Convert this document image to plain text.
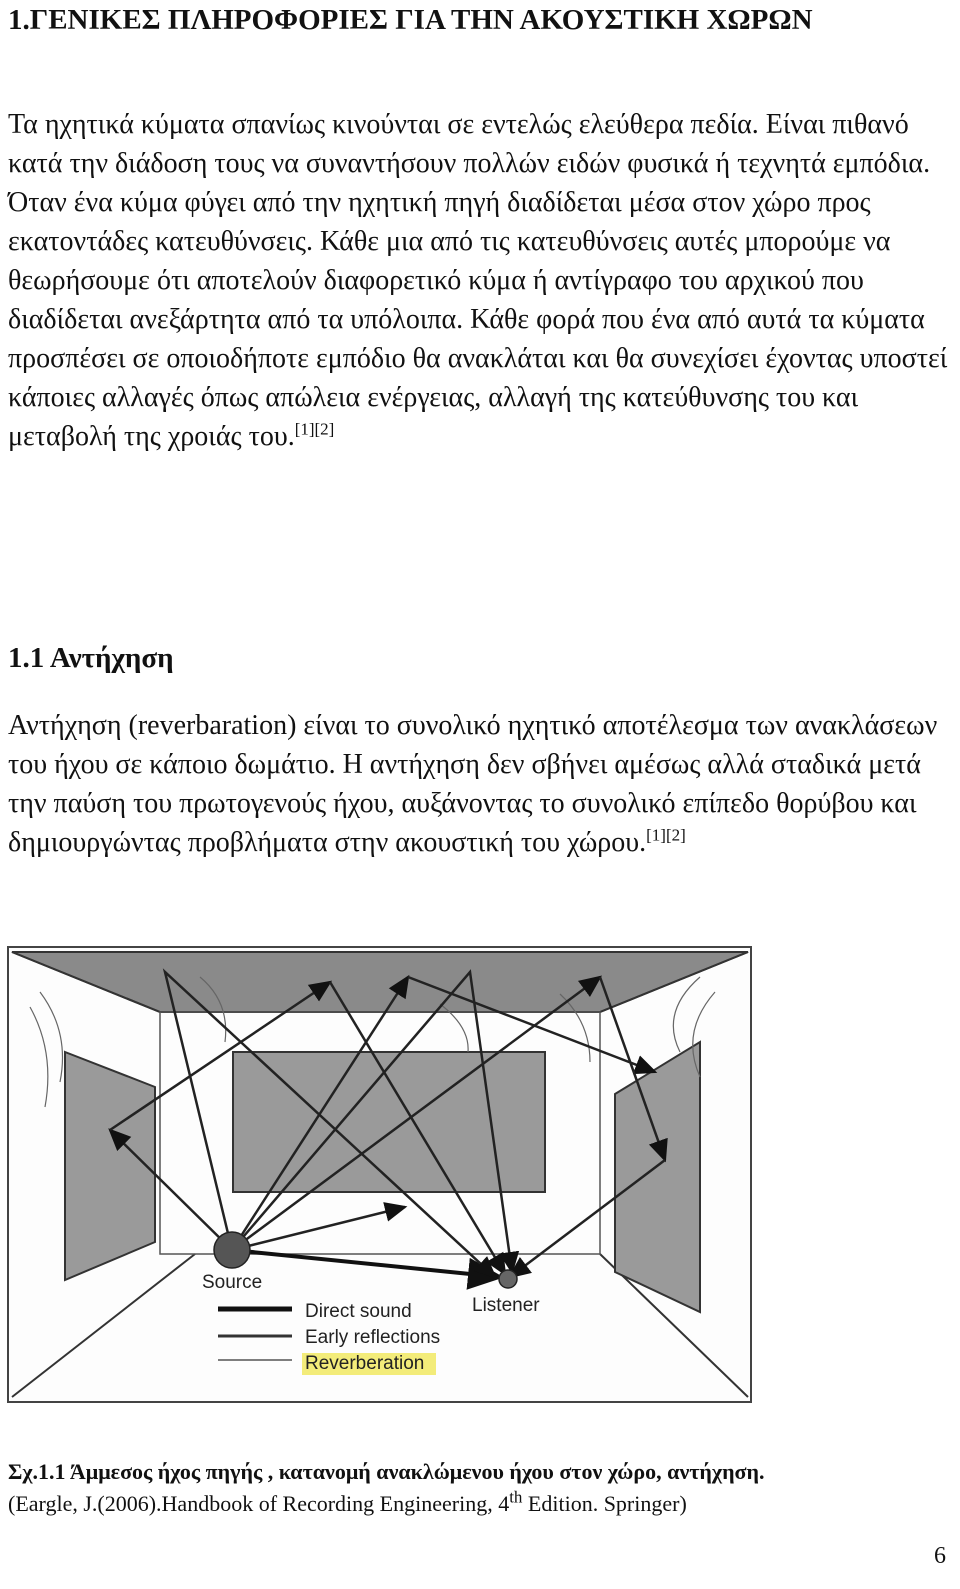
1.ΓΕΝΙΚΕΣ ΠΛΗΡΟΦΟΡΙΕΣ ΓΙΑ ΤΗΝ ΑΚΟΥΣΤΙΚΗ ΧΩΡΩΝ

Τα ηχητικά κύματα σπανίως κινούνται σε εντελώς ελεύθερα πεδία. Είναι πιθανό κατά την διάδοση τους να συναντήσουν πολλών ειδών φυσικά ή τεχνητά εμπόδια. Όταν ένα κύμα φύγει από την ηχητική πηγή διαδίδεται μέσα στον χώρο προς εκατοντάδες κατευθύνσεις. Κάθε μια από τις κατευθύνσεις αυτές μπορούμε να θεωρήσουμε ότι αποτελούν διαφορετικό κύμα ή αντίγραφο του αρχικού που διαδίδεται ανεξάρτητα από τα υπόλοιπα. Κάθε φορά που ένα από αυτά τα κύματα προσπέσει σε οποιοδήποτε εμπόδιο θα ανακλάται και θα συνεχίσει έχοντας υποστεί κάποιες αλλαγές όπως απώλεια ενέργειας, αλλαγή της κατεύθυνσης του και μεταβολή της χροιάς του.[1][2]

1.1 Αντήχηση

Αντήχηση (reverbaration) είναι το συνολικό ηχητικό αποτέλεσμα των ανακλάσεων του ήχου σε κάποιο δωμάτιο. Η αντήχηση δεν σβήνει αμέσως αλλά σταδικά μετά την παύση του πρωτογενούς ήχου, αυξάνοντας το συνολικό επίπεδο θορύβου και δημιουργώντας προβλήματα στην ακουστική του χώρου.[1][2]

Source
Listener
Direct sound
Early reflections
Reverberation

Σχ.1.1 Άμμεσος ήχος πηγής , κατανομή ανακλώμενου ήχου στον χώρο, αντήχηση.
(Eargle, J.(2006).Handbook of Recording Engineering, 4th Edition. Springer)

6
